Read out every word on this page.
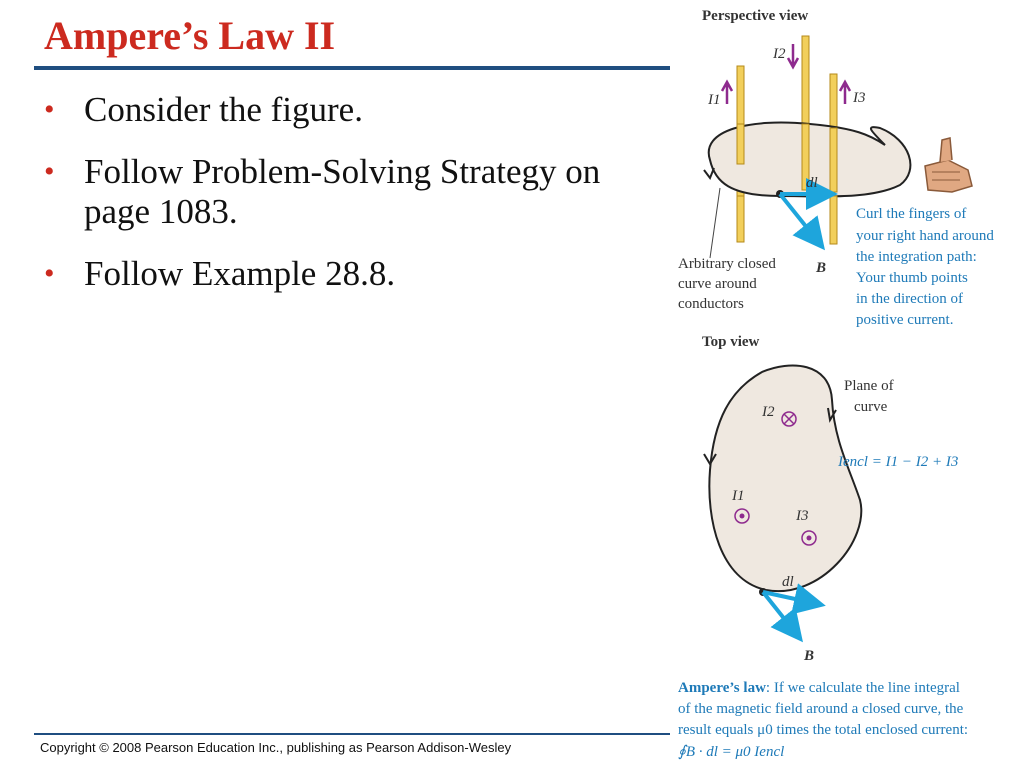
Ampere’s Law II
• Consider the figure.
• Follow Problem-Solving Strategy on page 1083.
• Follow Example 28.8.
Copyright © 2008 Pearson Education Inc., publishing as Pearson Addison-Wesley
Perspective view
I1
I2
I3
dl
B
Arbitrary closed curve around conductors
Curl the fingers of your right hand around the integration path: Your thumb points in the direction of positive current.
Top view
Plane of curve
I2
I1
I3
Iencl = I1 − I2 + I3
dl
B
Ampere’s law: If we calculate the line integral of the magnetic field around a closed curve, the result equals μ0 times the total enclosed current: ∮B · dl = μ0 Iencl
